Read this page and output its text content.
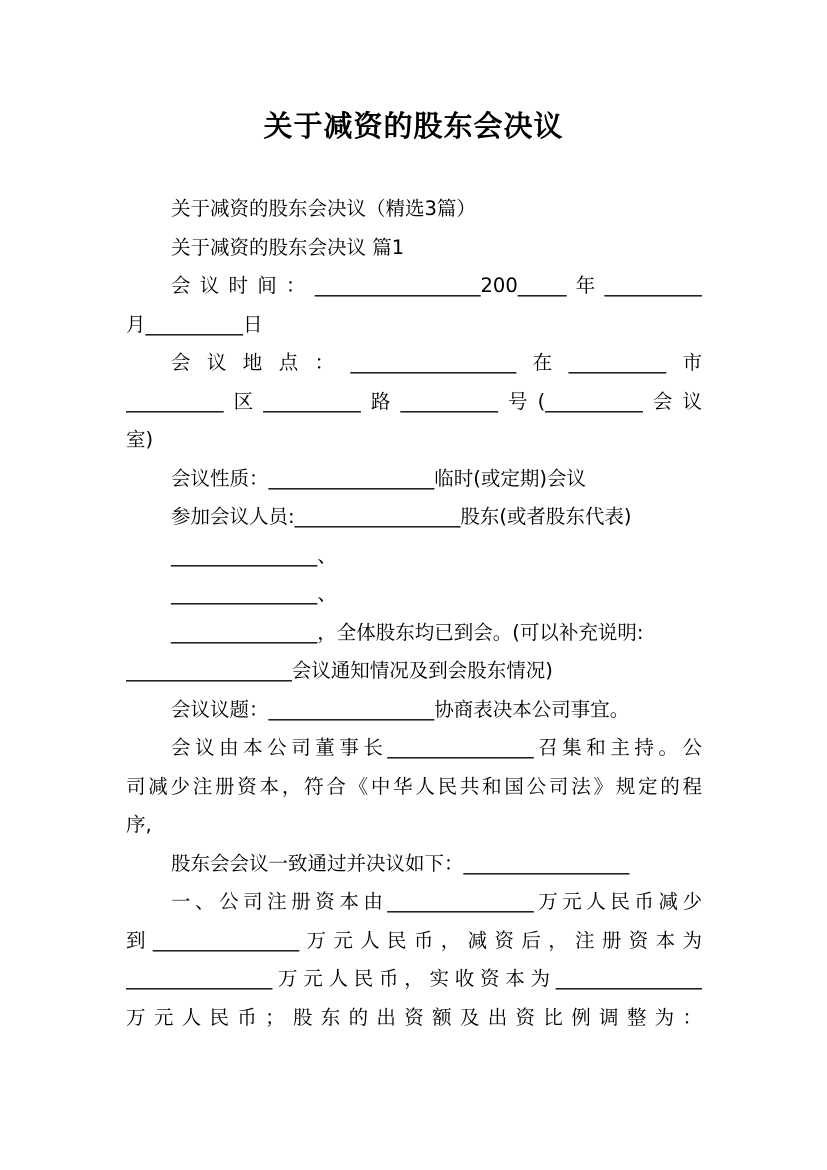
关于减资的股东会决议
关于减资的股东会决议（精选3篇）
关于减资的股东会决议 篇1
会议时间：_________________200_____年__________
月__________日
会议地点：_________________在__________市
__________区__________路__________号(__________会议
室)
会议性质：_________________临时(或定期)会议
参加会议人员:_________________股东(或者股东代表)
_______________、
_______________、
_______________，全体股东均已到会。(可以补充说明:
_________________会议通知情况及到会股东情况)
会议议题：_________________协商表决本公司事宜。
会议由本公司董事长_______________召集和主持。公
司减少注册资本，符合《中华人民共和国公司法》规定的程
序,
股东会会议一致通过并决议如下：_________________
一、公司注册资本由_______________万元人民币减少
到_______________万元人民币，减资后，注册资本为
_______________万元人民币，实收资本为_______________
万元人民币；股东的出资额及出资比例调整为：
